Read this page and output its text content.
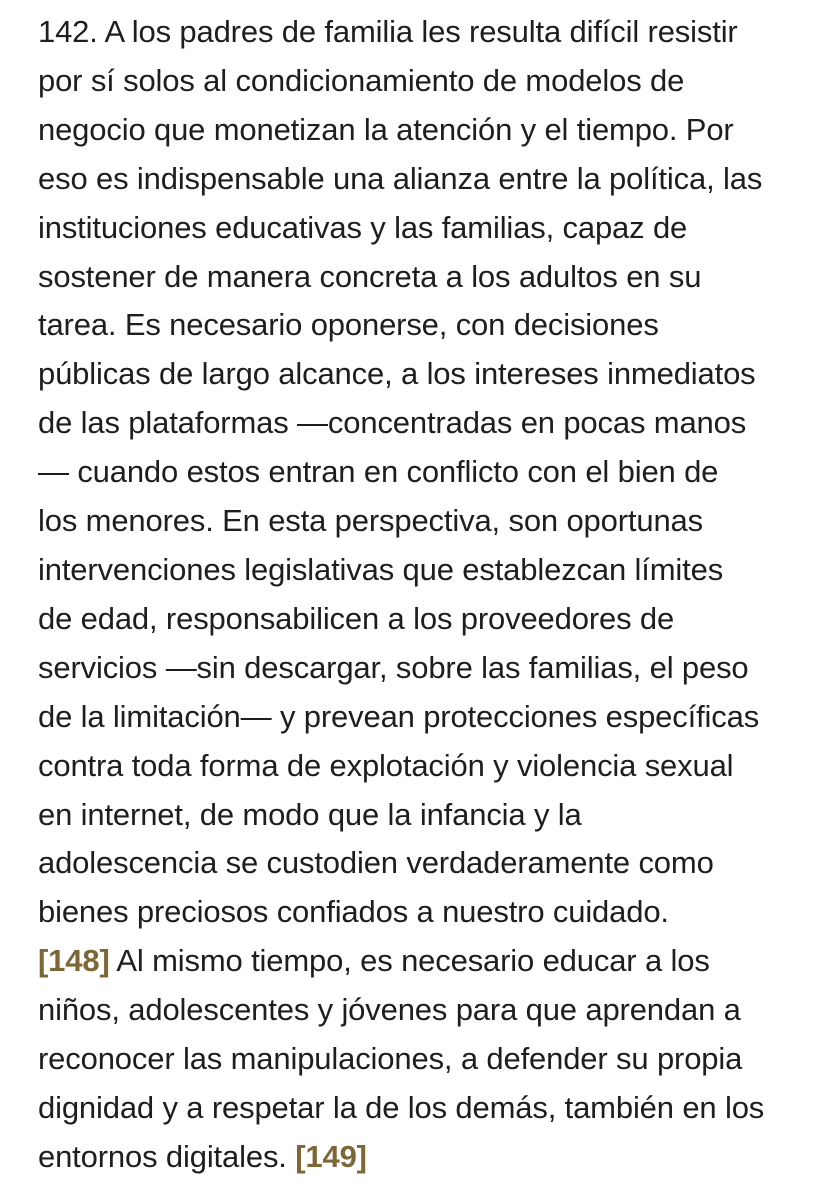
142. A los padres de familia les resulta difícil resistir
por sí solos al condicionamiento de modelos de
negocio que monetizan la atención y el tiempo. Por
eso es indispensable una alianza entre la política, las
instituciones educativas y las familias, capaz de
sostener de manera concreta a los adultos en su
tarea. Es necesario oponerse, con decisiones
públicas de largo alcance, a los intereses inmediatos
de las plataformas —concentradas en pocas manos
— cuando estos entran en conflicto con el bien de
los menores. En esta perspectiva, son oportunas
intervenciones legislativas que establezcan límites
de edad, responsabilicen a los proveedores de
servicios —sin descargar, sobre las familias, el peso
de la limitación— y prevean protecciones específicas
contra toda forma de explotación y violencia sexual
en internet, de modo que la infancia y la
adolescencia se custodien verdaderamente como
bienes preciosos confiados a nuestro cuidado.
[148] Al mismo tiempo, es necesario educar a los
niños, adolescentes y jóvenes para que aprendan a
reconocer las manipulaciones, a defender su propia
dignidad y a respetar la de los demás, también en los
entornos digitales. [149]
